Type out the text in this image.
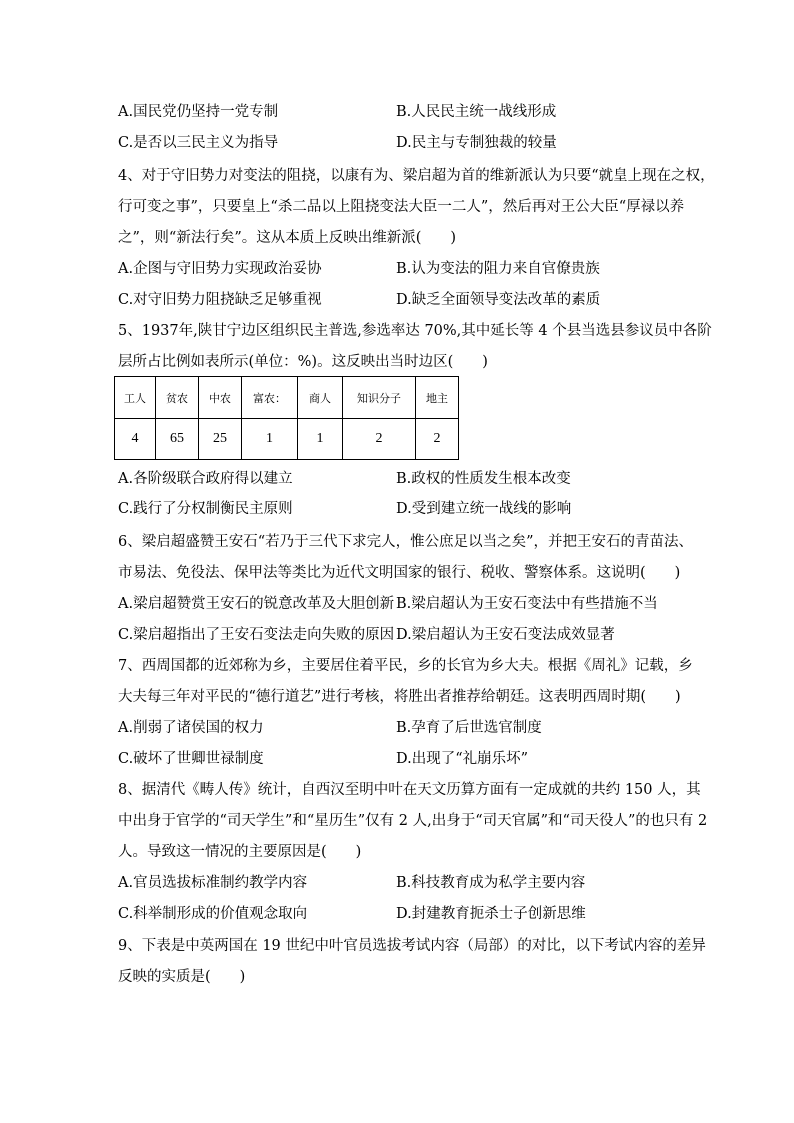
A.国民党仍坚持一党专制	B.人民民主统一战线形成
C.是否以三民主义为指导	D.民主与专制独裁的较量
4、对于守旧势力对变法的阻挠，以康有为、梁启超为首的维新派认为只要“就皇上现在之权，
行可变之事”，只要皇上“杀二品以上阻挠变法大臣一二人”，然后再对王公大臣“厚禄以养
之”，则“新法行矣”。这从本质上反映出维新派(　　)
A.企图与守旧势力实现政治妥协	B.认为变法的阻力来自官僚贵族
C.对守旧势力阻挠缺乏足够重视	D.缺乏全面领导变法改革的素质
5、1937年,陕甘宁边区组织民主普选,参选率达 70%,其中延长等 4 个县当选县参议员中各阶
层所占比例如表所示(单位：%)。这反映出当时边区(　　)
工人	贫农	中农	富农：	商人	知识分子	地主
4	65	25	1	1	2	2
A.各阶级联合政府得以建立	B.政权的性质发生根本改变
C.践行了分权制衡民主原则	D.受到建立统一战线的影响
6、梁启超盛赞王安石“若乃于三代下求完人，惟公庶足以当之矣”，并把王安石的青苗法、
市易法、免役法、保甲法等类比为近代文明国家的银行、税收、警察体系。这说明(　　)
A.梁启超赞赏王安石的锐意改革及大胆创新 B.梁启超认为王安石变法中有些措施不当
C.梁启超指出了王安石变法走向失败的原因 D.梁启超认为王安石变法成效显著
7、西周国都的近郊称为乡，主要居住着平民，乡的长官为乡大夫。根据《周礼》记载，乡
大夫每三年对平民的“德行道艺”进行考核，将胜出者推荐给朝廷。这表明西周时期(　　)
A.削弱了诸侯国的权力	B.孕育了后世选官制度
C.破坏了世卿世禄制度	D.出现了“礼崩乐坏”
8、据清代《畴人传》统计，自西汉至明中叶在天文历算方面有一定成就的共约 150 人，其
中出身于官学的“司天学生”和“星历生”仅有 2 人,出身于“司天官属”和“司天役人”的也只有 2
人。导致这一情况的主要原因是(　　)
A.官员选拔标准制约教学内容	B.科技教育成为私学主要内容
C.科举制形成的价值观念取向	D.封建教育扼杀士子创新思维
9、下表是中英两国在 19 世纪中叶官员选拔考试内容（局部）的对比，以下考试内容的差异
反映的实质是(　　)
